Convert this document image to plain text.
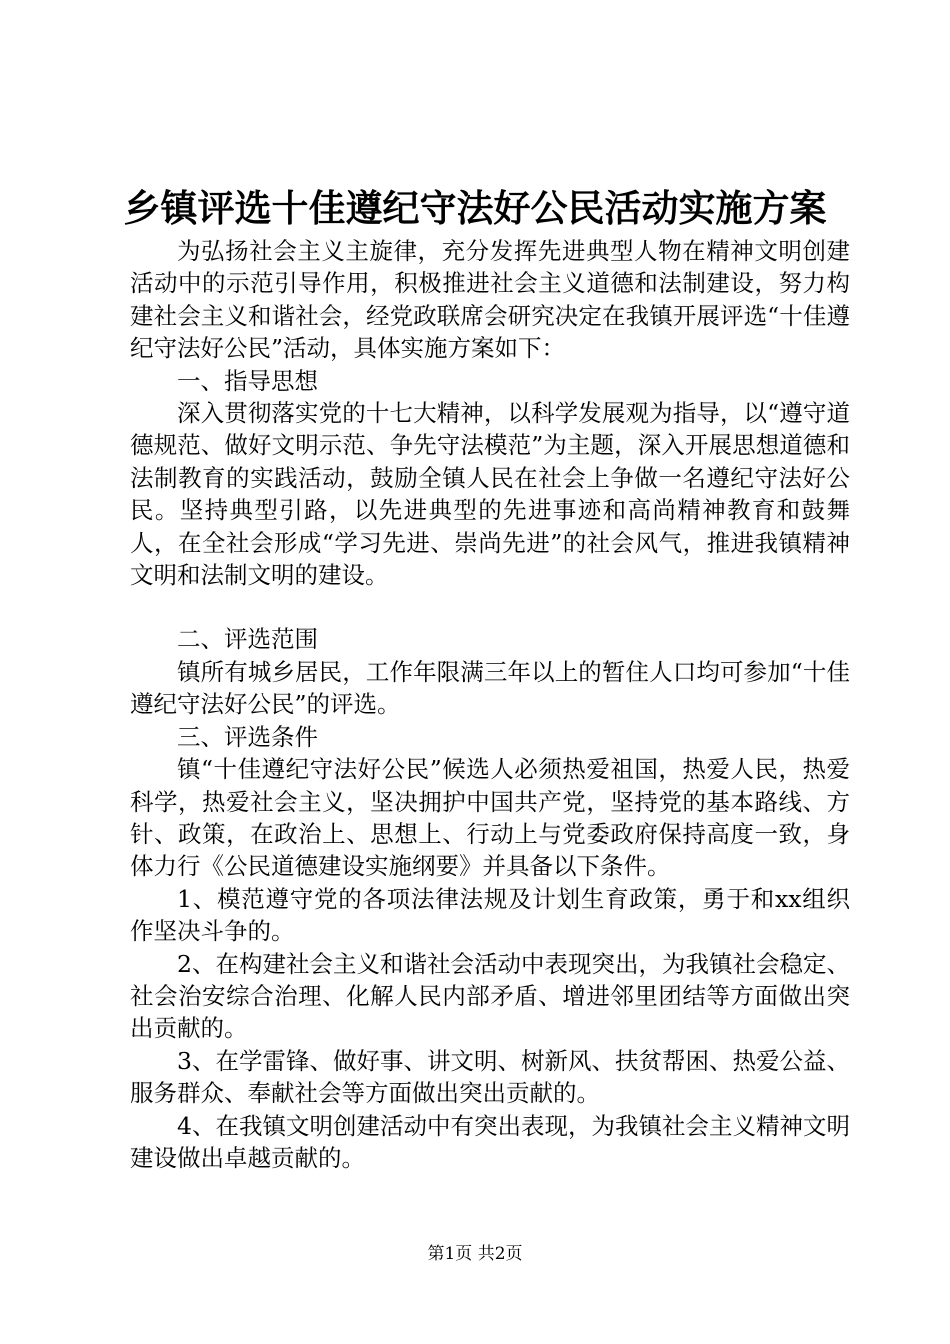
乡镇评选十佳遵纪守法好公民活动实施方案

为弘扬社会主义主旋律，充分发挥先进典型人物在精神文明创建活动中的示范引导作用，积极推进社会主义道德和法制建设，努力构建社会主义和谐社会，经党政联席会研究决定在我镇开展评选“十佳遵纪守法好公民”活动，具体实施方案如下：

一、指导思想

深入贯彻落实党的十七大精神，以科学发展观为指导，以“遵守道德规范、做好文明示范、争先守法模范”为主题，深入开展思想道德和法制教育的实践活动，鼓励全镇人民在社会上争做一名遵纪守法好公民。坚持典型引路，以先进典型的先进事迹和高尚精神教育和鼓舞人，在全社会形成“学习先进、崇尚先进”的社会风气，推进我镇精神文明和法制文明的建设。

二、评选范围

镇所有城乡居民，工作年限满三年以上的暂住人口均可参加“十佳遵纪守法好公民”的评选。

三、评选条件

镇“十佳遵纪守法好公民”候选人必须热爱祖国，热爱人民，热爱科学，热爱社会主义，坚决拥护中国共产党，坚持党的基本路线、方针、政策，在政治上、思想上、行动上与党委政府保持高度一致，身体力行《公民道德建设实施纲要》并具备以下条件。

1、模范遵守党的各项法律法规及计划生育政策，勇于和xx组织作坚决斗争的。

2、在构建社会主义和谐社会活动中表现突出，为我镇社会稳定、社会治安综合治理、化解人民内部矛盾、增进邻里团结等方面做出突出贡献的。

3、在学雷锋、做好事、讲文明、树新风、扶贫帮困、热爱公益、服务群众、奉献社会等方面做出突出贡献的。

4、在我镇文明创建活动中有突出表现，为我镇社会主义精神文明建设做出卓越贡献的。

第1页 共2页
